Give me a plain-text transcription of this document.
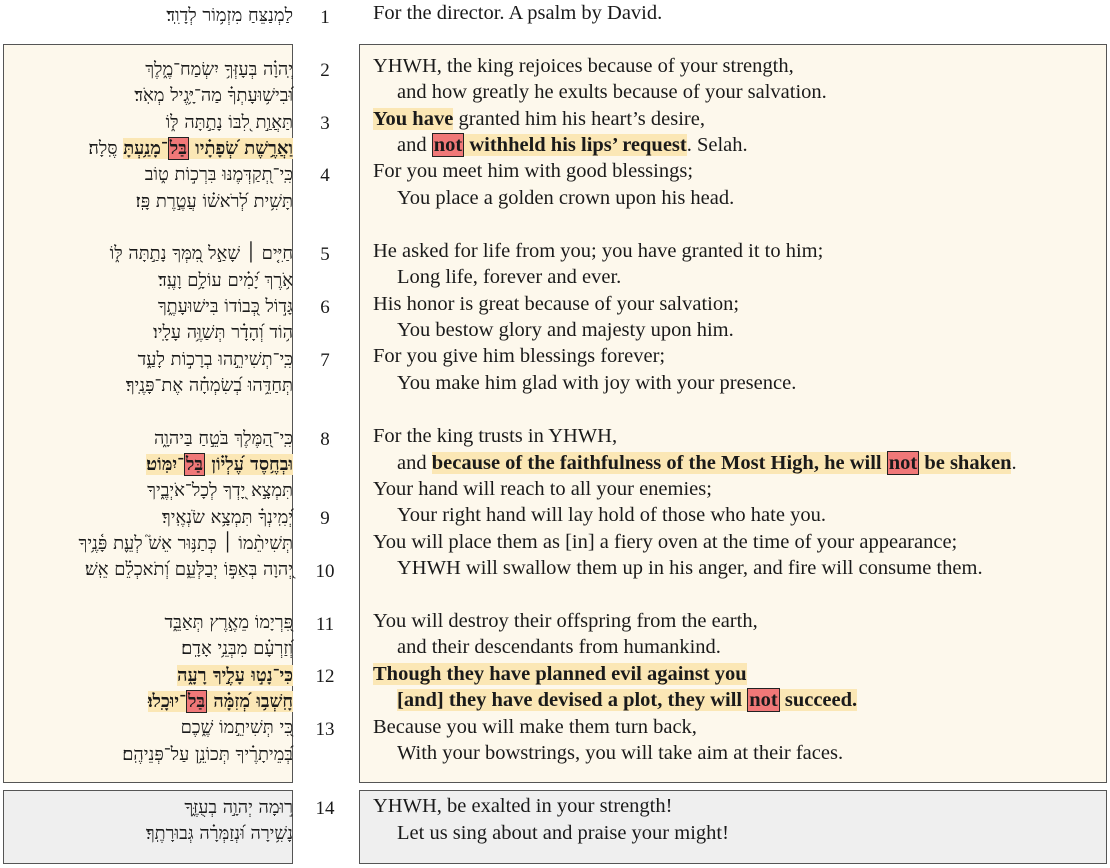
לַמְנַצֵּחַ מִזְמ֥וֹר לְדָוִֽד׃
יְֽהוָ֗ה בְּעָזְּךָ֥ יִשְׂמַח־מֶ֑לֶךְ
וּ֝בִישׁ֥וּעָתְךָ֗ מַה־יָּ֥גֶיל מְאֹֽד׃
תַּאֲוַ֣ת לִ֭בּוֹ נָתַ֣תָּה לּ֑וֹ
וַאֲרֶ֥שֶׁת שְׂ֝פָתָ֗יו בַּל־מָנַ֥עְתָּ סֶּֽלָה׃
כִּֽי־תְ֭קַדְּמֶנּוּ בִּרְכ֣וֹת ט֑וֹב
תָּשִׁ֥ית לְ֝רֹאשׁ֗וֹ עֲטֶ֣רֶת פָּֽז׃
חַיִּ֤ים ׀ שָׁאַ֣ל מִ֭מְּךָ נָתַ֣תָּה לּ֑וֹ
אֹ֥רֶךְ יָ֝מִ֗ים עוֹלָ֥ם וָעֶֽד׃
גָּד֣וֹל כְּ֭בוֹדוֹ בִּישׁוּעָתֶ֑ךָ
ה֥וֹד וְ֝הָדָ֗ר תְּשַׁוֶּ֥ה עָלָֽיו׃
כִּֽי־תְשִׁיתֵ֣הוּ בְרָכ֣וֹת לָעַ֑ד
תְּחַדֵּ֥הוּ בְ֝שִׂמְחָ֗ה אֶת־פָּנֶֽיךָ׃
כִּֽי־הַ֭מֶּלֶךְ בֹּטֵ֣חַ בַּיהוָ֑ה
וּבְחֶ֥סֶד עֶ֝לְי֗וֹן בַּל־יִמּֽוֹט׃
תִּמְצָ֣א יָ֭דְךָ לְכָל־אֹיְבֶ֑יךָ
יְ֝מִֽינְךָ֗ תִּמְצָ֥א שֹׂנְאֶֽיךָ׃
תְּשִׁיתֵ֨מוֹ ׀ כְּתַנּ֥וּר אֵשׁ֮ לְעֵ֪ת פָּ֫נֶ֥יךָ
יְ֭הוָה בְּאַפּ֣וֹ יְבַלְּעֵ֑ם וְ֝תֹאכְלֵ֗ם אֵֽשׁ׃
פִּ֭רְיָמוֹ מֵאֶ֣רֶץ תְּאַבֵּ֑ד
וְ֝זַרְעָ֗ם מִבְּנֵ֥י אָדָֽם׃
כִּי־נָט֣וּ עָלֶ֣יךָ רָעָ֑ה
חָֽשְׁב֥וּ מְ֝זִמָּ֗ה בַּל־יוּכָֽלוּ׃
כִּ֭י תְּשִׁיתֵ֣מוֹ שֶׁ֑כֶם
בְּ֝מֵיתָרֶ֗יךָ תְּכוֹנֵ֥ן עַל־פְּנֵיהֶֽם׃
ר֣וּמָה יְהוָ֣ה בְעֻזֶּ֑ךָ
נָשִׁ֥ירָה וּ֝נְזַמְּרָ֗ה גְּבוּרָתֶֽךָ׃
1
2
3
4
5
6
7
8
9
10
11
12
13
14
For the director. A psalm by David.
YHWH, the king rejoices because of your strength,
and how greatly he exults because of your salvation.
You have granted him his heart’s desire,
and not withheld his lips’ request. Selah.
For you meet him with good blessings;
You place a golden crown upon his head.
He asked for life from you; you have granted it to him;
Long life, forever and ever.
His honor is great because of your salvation;
You bestow glory and majesty upon him.
For you give him blessings forever;
You make him glad with joy with your presence.
For the king trusts in YHWH,
and because of the faithfulness of the Most High, he will not be shaken.
Your hand will reach to all your enemies;
Your right hand will lay hold of those who hate you.
You will place them as [in] a fiery oven at the time of your appearance;
YHWH will swallow them up in his anger, and fire will consume them.
You will destroy their offspring from the earth,
and their descendants from humankind.
Though they have planned evil against you
[and] they have devised a plot, they will not succeed.
Because you will make them turn back,
With your bowstrings, you will take aim at their faces.
YHWH, be exalted in your strength!
Let us sing about and praise your might!
